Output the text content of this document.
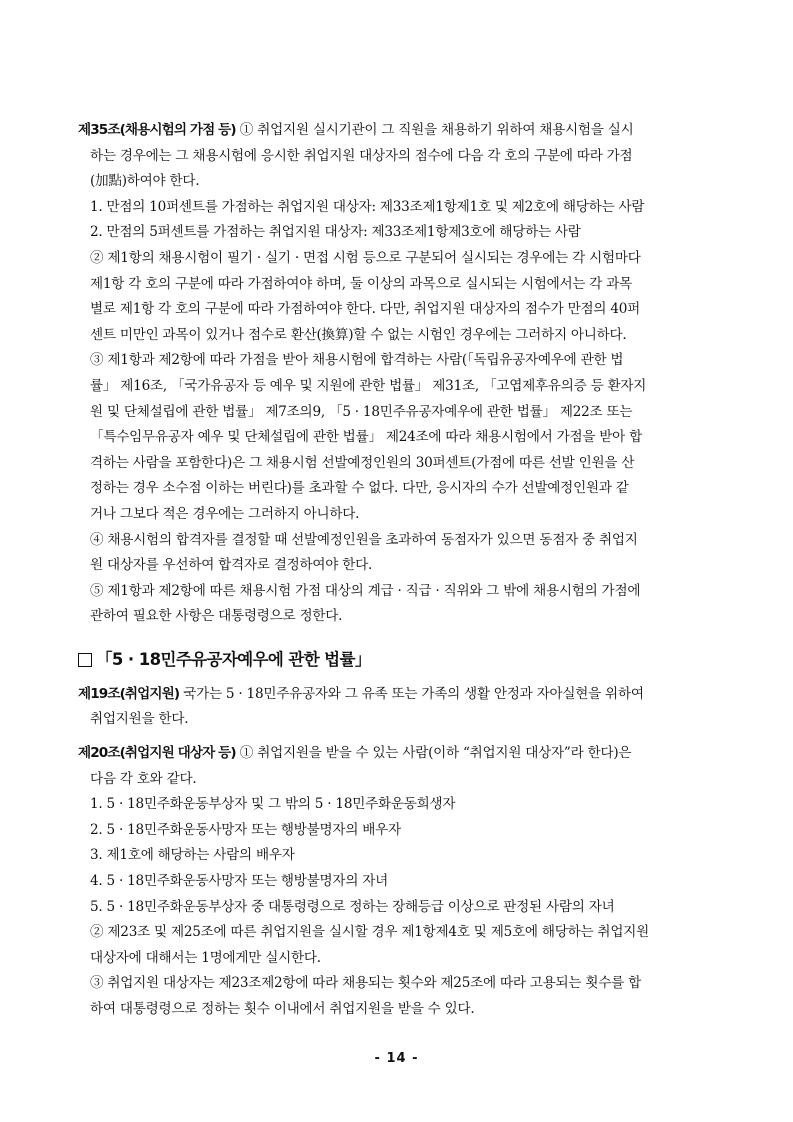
제35조(채용시험의 가점 등) ① 취업지원 실시기관이 그 직원을 채용하기 위하여 채용시험을 실시
하는 경우에는 그 채용시험에 응시한 취업지원 대상자의 점수에 다음 각 호의 구분에 따라 가점
(加點)하여야 한다.
1. 만점의 10퍼센트를 가점하는 취업지원 대상자: 제33조제1항제1호 및 제2호에 해당하는 사람
2. 만점의 5퍼센트를 가점하는 취업지원 대상자: 제33조제1항제3호에 해당하는 사람
② 제1항의 채용시험이 필기 · 실기 · 면접 시험 등으로 구분되어 실시되는 경우에는 각 시험마다
제1항 각 호의 구분에 따라 가점하여야 하며, 둘 이상의 과목으로 실시되는 시험에서는 각 과목
별로 제1항 각 호의 구분에 따라 가점하여야 한다. 다만, 취업지원 대상자의 점수가 만점의 40퍼
센트 미만인 과목이 있거나 점수로 환산(換算)할 수 없는 시험인 경우에는 그러하지 아니하다.
③ 제1항과 제2항에 따라 가점을 받아 채용시험에 합격하는 사람(「독립유공자예우에 관한 법
률」 제16조, 「국가유공자 등 예우 및 지원에 관한 법률」 제31조, 「고엽제후유의증 등 환자지
원 및 단체설립에 관한 법률」 제7조의9, 「5 · 18민주유공자예우에 관한 법률」 제22조 또는
「특수임무유공자 예우 및 단체설립에 관한 법률」 제24조에 따라 채용시험에서 가점을 받아 합
격하는 사람을 포함한다)은 그 채용시험 선발예정인원의 30퍼센트(가점에 따른 선발 인원을 산
정하는 경우 소수점 이하는 버린다)를 초과할 수 없다. 다만, 응시자의 수가 선발예정인원과 같
거나 그보다 적은 경우에는 그러하지 아니하다.
④ 채용시험의 합격자를 결정할 때 선발예정인원을 초과하여 동점자가 있으면 동점자 중 취업지
원 대상자를 우선하여 합격자로 결정하여야 한다.
⑤ 제1항과 제2항에 따른 채용시험 가점 대상의 계급 · 직급 · 직위와 그 밖에 채용시험의 가점에
관하여 필요한 사항은 대통령령으로 정한다.
「5 · 18민주유공자예우에 관한 법률」
제19조(취업지원) 국가는 5 · 18민주유공자와 그 유족 또는 가족의 생활 안정과 자아실현을 위하여
취업지원을 한다.
제20조(취업지원 대상자 등) ① 취업지원을 받을 수 있는 사람(이하 “취업지원 대상자”라 한다)은
다음 각 호와 같다.
1. 5 · 18민주화운동부상자 및 그 밖의 5 · 18민주화운동희생자
2. 5 · 18민주화운동사망자 또는 행방불명자의 배우자
3. 제1호에 해당하는 사람의 배우자
4. 5 · 18민주화운동사망자 또는 행방불명자의 자녀
5. 5 · 18민주화운동부상자 중 대통령령으로 정하는 장해등급 이상으로 판정된 사람의 자녀
② 제23조 및 제25조에 따른 취업지원을 실시할 경우 제1항제4호 및 제5호에 해당하는 취업지원
대상자에 대해서는 1명에게만 실시한다.
③ 취업지원 대상자는 제23조제2항에 따라 채용되는 횟수와 제25조에 따라 고용되는 횟수를 합
하여 대통령령으로 정하는 횟수 이내에서 취업지원을 받을 수 있다.
- 14 -
